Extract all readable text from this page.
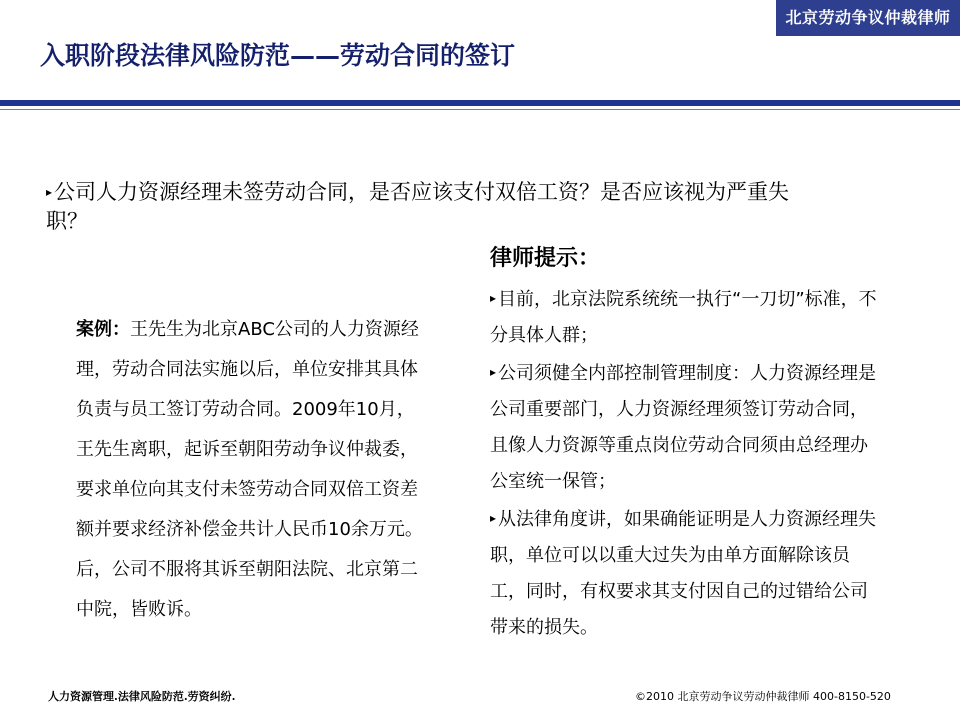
北京劳动争议仲裁律师
入职阶段法律风险防范——劳动合同的签订
▸公司人力资源经理未签劳动合同，是否应该支付双倍工资？是否应该视为严重失职？

案例：王先生为北京ABC公司的人力资源经理，劳动合同法实施以后，单位安排其具体负责与员工签订劳动合同。2009年10月，王先生离职，起诉至朝阳劳动争议仲裁委，要求单位向其支付未签劳动合同双倍工资差额并要求经济补偿金共计人民币10余万元。

后，公司不服将其诉至朝阳法院、北京第二中院，皆败诉。

律师提示：

▸ 目前，北京法院系统统一执行“一刀切”标准，不分具体人群；

▸ 公司须健全内部控制管理制度：人力资源经理是公司重要部门，人力资源经理须签订劳动合同，且像人力资源等重点岗位劳动合同须由总经理办公室统一保管；

▸ 从法律角度讲，如果确能证明是人力资源经理失职，单位可以以重大过失为由单方面解除该员工，同时，有权要求其支付因自己的过错给公司带来的损失。

人力资源管理.法律风险防范.劳资纠纷.	©2010 北京劳动争议劳动仲裁律师 400-8150-520
